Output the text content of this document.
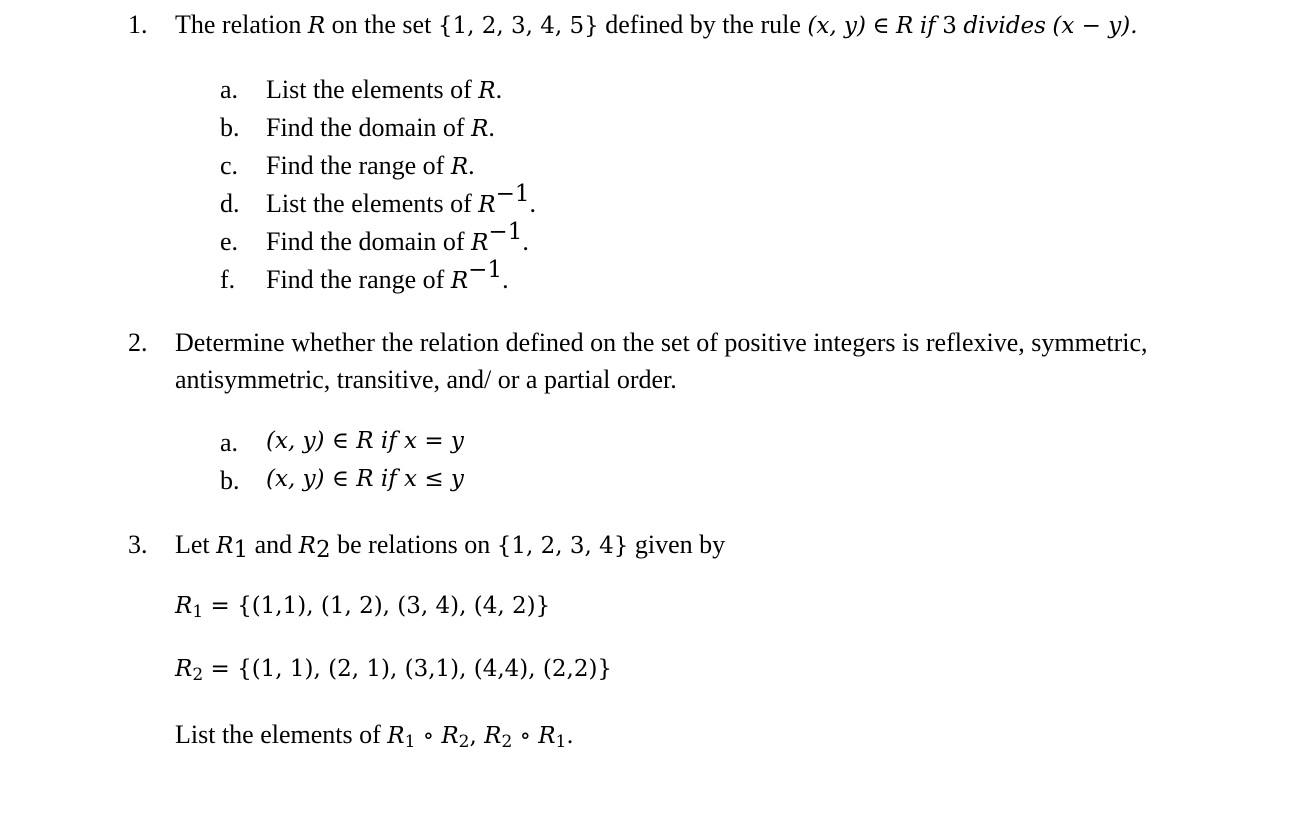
1. The relation R on the set {1, 2, 3, 4, 5} defined by the rule (x, y) ∈ R if 3 divides (x − y).
a. List the elements of R.
b. Find the domain of R.
c. Find the range of R.
d. List the elements of $R^{-1}$.
e. Find the domain of $R^{-1}$.
f. Find the range of $R^{-1}$.
2. Determine whether the relation defined on the set of positive integers is reflexive, symmetric,
antisymmetric, transitive, and/ or a partial order.
a. (x, y) ∈ R if x = y
b. (x, y) ∈ R if x ≤ y
3. Let $R_1$ and $R_2$ be relations on {1, 2, 3, 4} given by
$R_1 = \{(1,1)$, (1, 2), (3, 4), (4, 2)}
$R_2 = \{(1$, 1), (2, 1), (3,1), (4,4), (2,2)}
List the elements of $R_1$ ∘ $R_2$, $R_2$ ∘ $R_1$.
